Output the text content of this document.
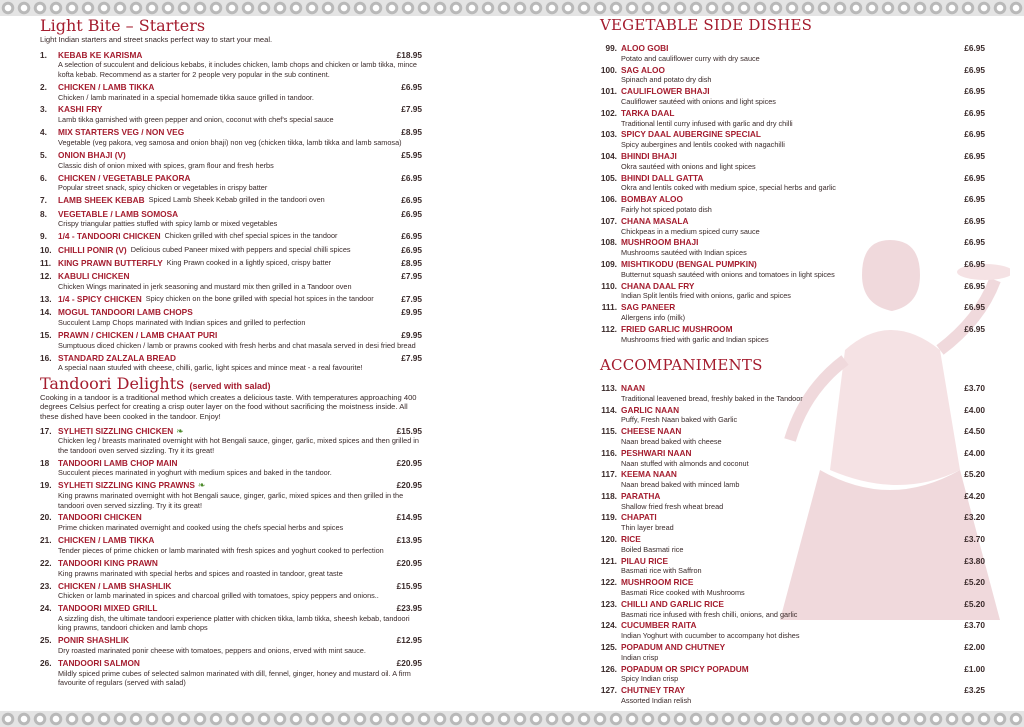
Light Bite – Starters
Light Indian starters and street snacks perfect way to start your meal.
1.	KEBAB KE KARISMA	£18.95
A selection of succulent and delicious kebabs, it includes chicken, lamb chops and chicken or lamb tikka, mince kofta kebab. Recommend as a starter for 2 people very popular in the sub continent.
2.	CHICKEN / LAMB TIKKA	£6.95
Chicken / lamb marinated in a special homemade tikka sauce grilled in tandoor.
3.	KASHI FRY	£7.95
Lamb tikka garnished with green pepper and onion, coconut with chef's special sauce
4.	MIX STARTERS VEG / NON VEG	£8.95
Vegetable (veg pakora, veg samosa and onion bhaji) non veg (chicken tikka, lamb tikka and lamb samosa)
5.	ONION BHAJI (V)	£5.95
Classic dish of onion mixed with spices, gram flour and fresh herbs
6.	CHICKEN / VEGETABLE PAKORA	£6.95
Popular street snack, spicy chicken or vegetables in crispy batter
7.	LAMB SHEEK KEBAB Spiced Lamb Sheek Kebab grilled in the tandoori oven	£6.95
8.	VEGETABLE / LAMB SOMOSA	£6.95
Crispy triangular patties stuffed with spicy lamb or mixed vegetables
9.	1/4 - TANDOORI CHICKEN Chicken grilled with chef special spices in the tandoor	£6.95
10. CHILLI PONIR (V) Delicious cubed Paneer mixed with peppers and special chilli spices	£6.95
11. KING PRAWN BUTTERFLY King Prawn cooked in a lightly spiced, crispy batter	£8.95
12. KABULI CHICKEN	£7.95
Chicken Wings marinated in jerk seasoning and mustard mix then grilled in a Tandoor oven
13. 1/4 - SPICY CHICKEN Spicy chicken on the bone grilled with special hot spices in the tandoor	£7.95
14. MOGUL TANDOORI LAMB CHOPS	£9.95
Succulent Lamp Chops marinated with Indian spices and grilled to perfection
15. PRAWN / CHICKEN / LAMB CHAAT PURI	£9.95
Sumptuous diced chicken / lamb or prawns cooked with fresh herbs and chat masala served in desi fried bread
16. STANDARD ZALZALA BREAD	£7.95
A special naan stuufed with cheese, chilli, garlic, light spices and mince meat - a real favourite!
Tandoori Delights (served with salad)
Cooking in a tandoor is a traditional method which creates a delicious taste. With temperatures approaching 400 degrees Celsius perfect for creating a crisp outer layer on the food without sacrificing the moistness inside. All these dished have been cooked in the tandoor. Enjoy!
17. SYLHETI SIZZLING CHICKEN ❧	£15.95
Chicken leg / breasts marinated overnight with hot Bengali sauce, ginger, garlic, mixed spices and then grilled in the tandoori oven served sizzling. Try it its great!
18	TANDOORI LAMB CHOP MAIN	£20.95
Succulent pieces marinated in yoghurt with medium spices and baked in the tandoor.
19. SYLHETI SIZZLING KING PRAWNS ❧	£20.95
King prawns marinated overnight with hot Bengali sauce, ginger, garlic, mixed spices and then grilled in the tandoori oven served sizzling. Try it its great!
20. TANDOORI CHICKEN	£14.95
Prime chicken marinated overnight and cooked using the chefs special herbs and spices
21. CHICKEN / LAMB TIKKA	£13.95
Tender pieces of prime chicken or lamb marinated with fresh spices and yoghurt cooked to perfection
22. TANDOORI KING PRAWN	£20.95
King prawns marinated with special herbs and spices and roasted in tandoor, great taste
23. CHICKEN / LAMB SHASHLIK	£15.95
Chicken or lamb marinated in spices and charcoal grilled with tomatoes, spicy peppers and onions..
24. TANDOORI MIXED GRILL	£23.95
A sizzling dish, the ultimate tandoori experience platter with chicken tikka, lamb tikka, sheesh kebab, tandoori king prawns, tandoori chicken and lamb chops
25. PONIR SHASHLIK	£12.95
Dry roasted marinated ponir cheese with tomatoes, peppers and onions, erved with mint sauce.
26. TANDOORI SALMON	£20.95
Mildly spiced prime cubes of selected salmon marinated with dill, fennel, ginger, honey and mustard oil. A firm favourite of regulars (served with salad)
VEGETABLE SIDE DISHES
99. ALOO GOBI	£6.95
Potato and cauliflower curry with dry sauce
100. SAG ALOO	£6.95
Spinach and potato dry dish
101. CAULIFLOWER BHAJI	£6.95
Cauliflower sautéed with onions and light spices
102. TARKA DAAL	£6.95
Traditional lentil curry infused with garlic and dry chilli
103. SPICY DAAL AUBERGINE SPECIAL	£6.95
Spicy aubergines and lentils cooked with nagachilli
104. BHINDI BHAJI	£6.95
Okra sautéed with onions and light spices
105. BHINDI DALL GATTA	£6.95
Okra and lentils coked with medium spice, special herbs and garlic
106. BOMBAY ALOO	£6.95
Fairly hot spiced potato dish
107. CHANA MASALA	£6.95
Chickpeas in a medium spiced curry sauce
108. MUSHROOM BHAJI	£6.95
Mushrooms sautéed with Indian spices
109. MISHTIKODU (BENGAL PUMPKIN)	£6.95
Butternut squash sautéed with onions and tomatoes in light spices
110. CHANA DAAL FRY	£6.95
Indian Split lentils fried with onions, garlic and spices
111. SAG PANEER	£6.95
Allergens info (milk)
112. FRIED GARLIC MUSHROOM	£6.95
Mushrooms fried with garlic and Indian spices
ACCOMPANIMENTS
113. NAAN	£3.70
Traditional leavened bread, freshly baked in the Tandoor
114. GARLIC NAAN	£4.00
Puffy, Fresh Naan baked with Garlic
115. CHEESE NAAN	£4.50
Naan bread baked with cheese
116. PESHWARI NAAN	£4.00
Naan stuffed with almonds and coconut
117. KEEMA NAAN	£5.20
Naan bread baked with minced lamb
118. PARATHA	£4.20
Shallow fried fresh wheat bread
119. CHAPATI	£3.20
Thin layer bread
120. RICE	£3.70
Boiled Basmati rice
121. PILAU RICE	£3.80
Basmati rice with Saffron
122. MUSHROOM RICE	£5.20
Basmati Rice cooked with Mushrooms
123. CHILLI AND GARLIC RICE	£5.20
Basmati rice infused with fresh chilli, onions, and garlic
124. CUCUMBER RAITA	£3.70
Indian Yoghurt with cucumber to accompany hot dishes
125. POPADUM AND CHUTNEY	£2.00
Indian crisp
126. POPADUM OR SPICY POPADUM	£1.00
Spicy Indian crisp
127. CHUTNEY TRAY	£3.25
Assorted Indian relish
